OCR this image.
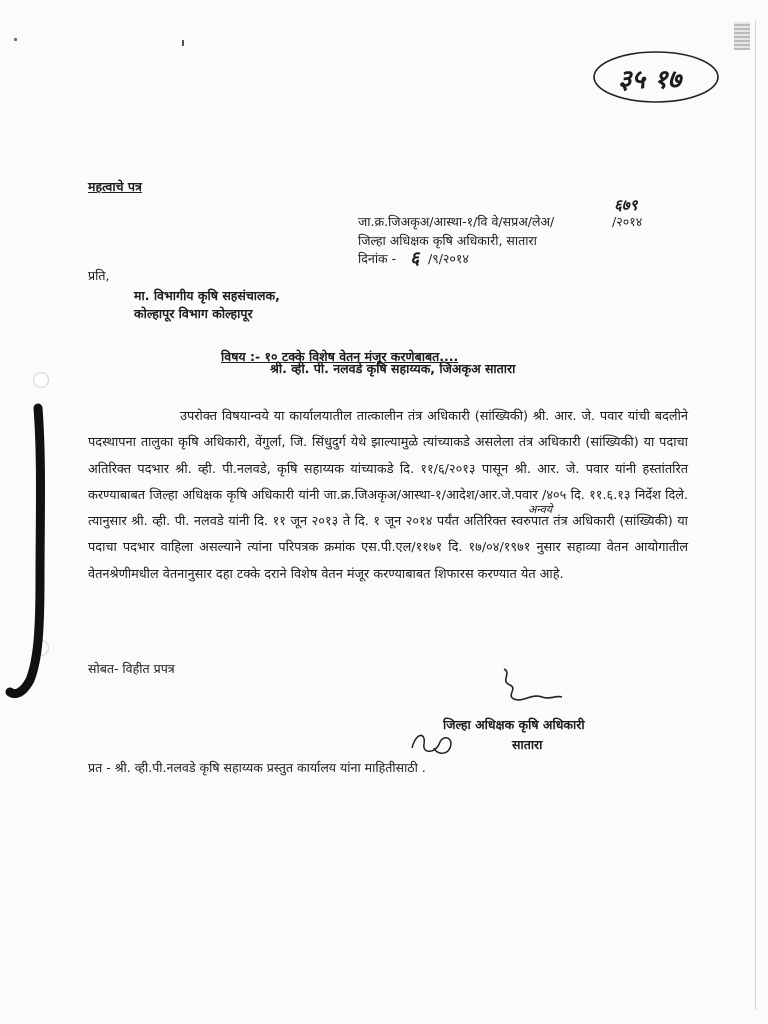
३५ १७
महत्वाचे पत्र
६७९
जा.क्र.जिअकृअ/आस्था-१/वि वे/सप्रअ/लेअ/	/२०१४
जिल्हा अधिक्षक कृषि अधिकारी, सातारा
दिनांक - ६ /९/२०१४
प्रति,
मा. विभागीय कृषि सहसंचालक,
कोल्हापूर विभाग कोल्हापूर
विषय :- १० टक्के विशेष वेतन मंजूर करणेबाबत....
श्री. व्ही. पी. नलवडे कृषि सहाय्यक, जिअकृअ सातारा

उपरोक्त विषयान्वये या कार्यालयातील तात्कालीन तंत्र अधिकारी (सांख्यिकी) श्री. आर. जे. पवार यांची बदलीने पदस्थापना तालुका कृषि अधिकारी, वेंगुर्ला, जि. सिंधुदुर्ग येथे झाल्यामुळे त्यांच्याकडे असलेला तंत्र अधिकारी (सांख्यिकी) या पदाचा अतिरिक्त पदभार श्री. व्ही. पी.नलवडे, कृषि सहाय्यक यांच्याकडे दि. ११/६/२०१३ पासून श्री. आर. जे. पवार यांनी हस्तांतरित करण्याबाबत जिल्हा अधिक्षक कृषि अधिकारी यांनी जा.क्र.जिअकृअ/आस्था-१/आदेश/आर.जे.पवार /४०५ दि. ११.६.१३ निर्देश दिले. त्यानुसार श्री. व्ही. पी. नलवडे यांनी दि. ११ जून २०१३ ते दि. १ जून २०१४ पर्यंत अतिरिक्त स्वरुपात तंत्र अधिकारी (सांख्यिकी) या पदाचा पदभार वाहिला असल्याने त्यांना परिपत्रक क्रमांक एस.पी.एल/११७१ दि. १७/०४/१९७१ नुसार सहाव्या वेतन आयोगातील वेतनश्रेणीमधील वेतनानुसार दहा टक्के दराने विशेष वेतन मंजूर करण्याबाबत शिफारस करण्यात येत आहे.

अन्वये
सोबत- विहीत प्रपत्र
जिल्हा अधिक्षक कृषि अधिकारी
सातारा
प्रत - श्री. व्ही.पी.नलवडे कृषि सहाय्यक प्रस्तुत कार्यालय यांना माहितीसाठी .
